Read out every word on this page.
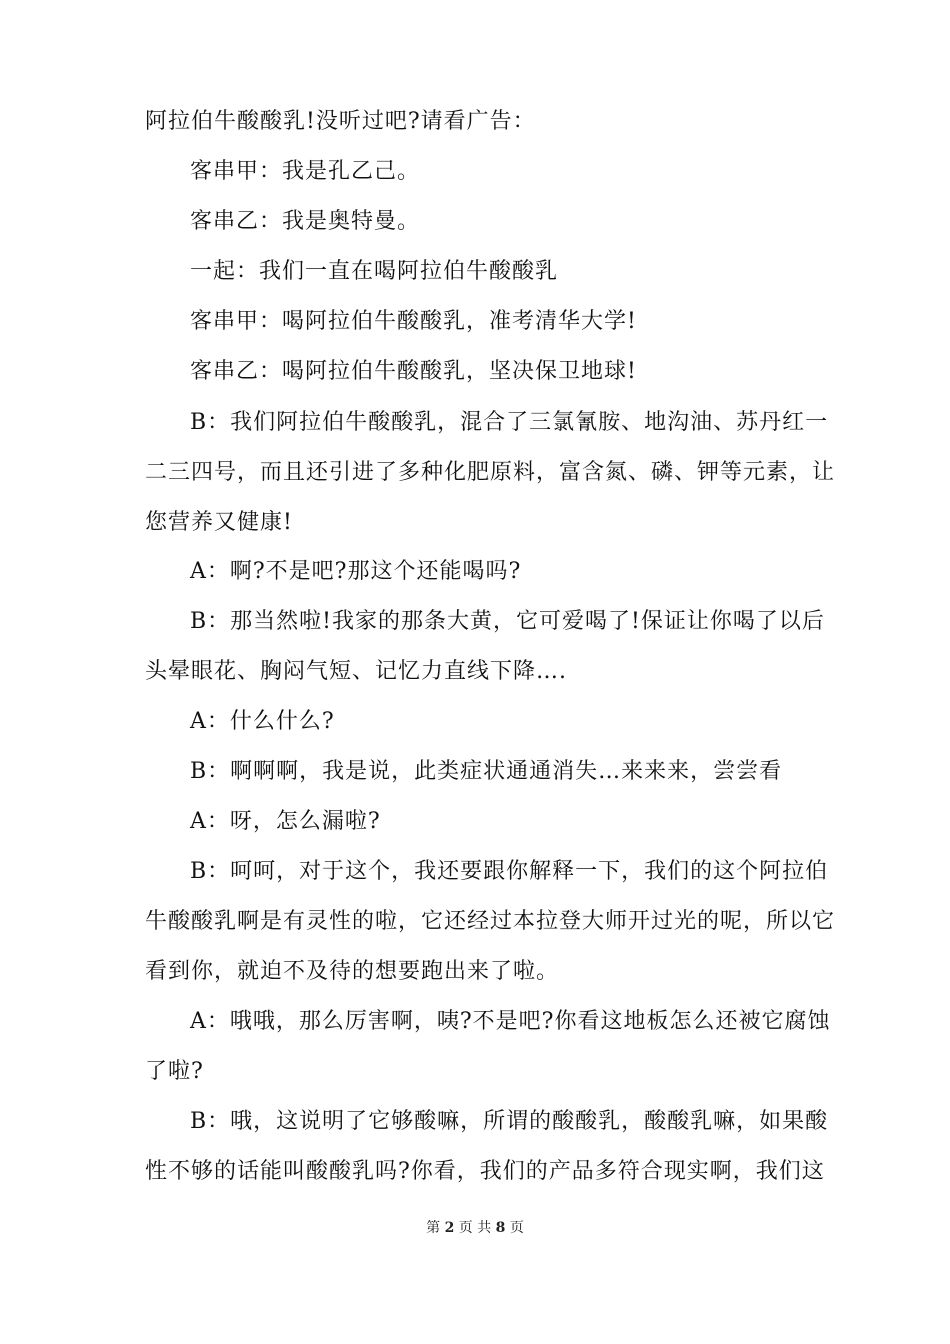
阿拉伯牛酸酸乳!没听过吧?请看广告：
客串甲：我是孔乙己。
客串乙：我是奥特曼。
一起：我们一直在喝阿拉伯牛酸酸乳
客串甲：喝阿拉伯牛酸酸乳，准考清华大学!
客串乙：喝阿拉伯牛酸酸乳，坚决保卫地球!
B：我们阿拉伯牛酸酸乳，混合了三氯氰胺、地沟油、苏丹红一
二三四号，而且还引进了多种化肥原料，富含氮、磷、钾等元素，让
您营养又健康!
A：啊?不是吧?那这个还能喝吗?
B：那当然啦!我家的那条大黄，它可爱喝了!保证让你喝了以后
头晕眼花、胸闷气短、记忆力直线下降….
A：什么什么?
B：啊啊啊，我是说，此类症状通通消失…来来来，尝尝看
A：呀，怎么漏啦?
B：呵呵，对于这个，我还要跟你解释一下，我们的这个阿拉伯
牛酸酸乳啊是有灵性的啦，它还经过本拉登大师开过光的呢，所以它
看到你，就迫不及待的想要跑出来了啦。
A：哦哦，那么厉害啊，咦?不是吧?你看这地板怎么还被它腐蚀
了啦?
B：哦，这说明了它够酸嘛，所谓的酸酸乳，酸酸乳嘛，如果酸
性不够的话能叫酸酸乳吗?你看，我们的产品多符合现实啊，我们这
第 2 页 共 8 页
